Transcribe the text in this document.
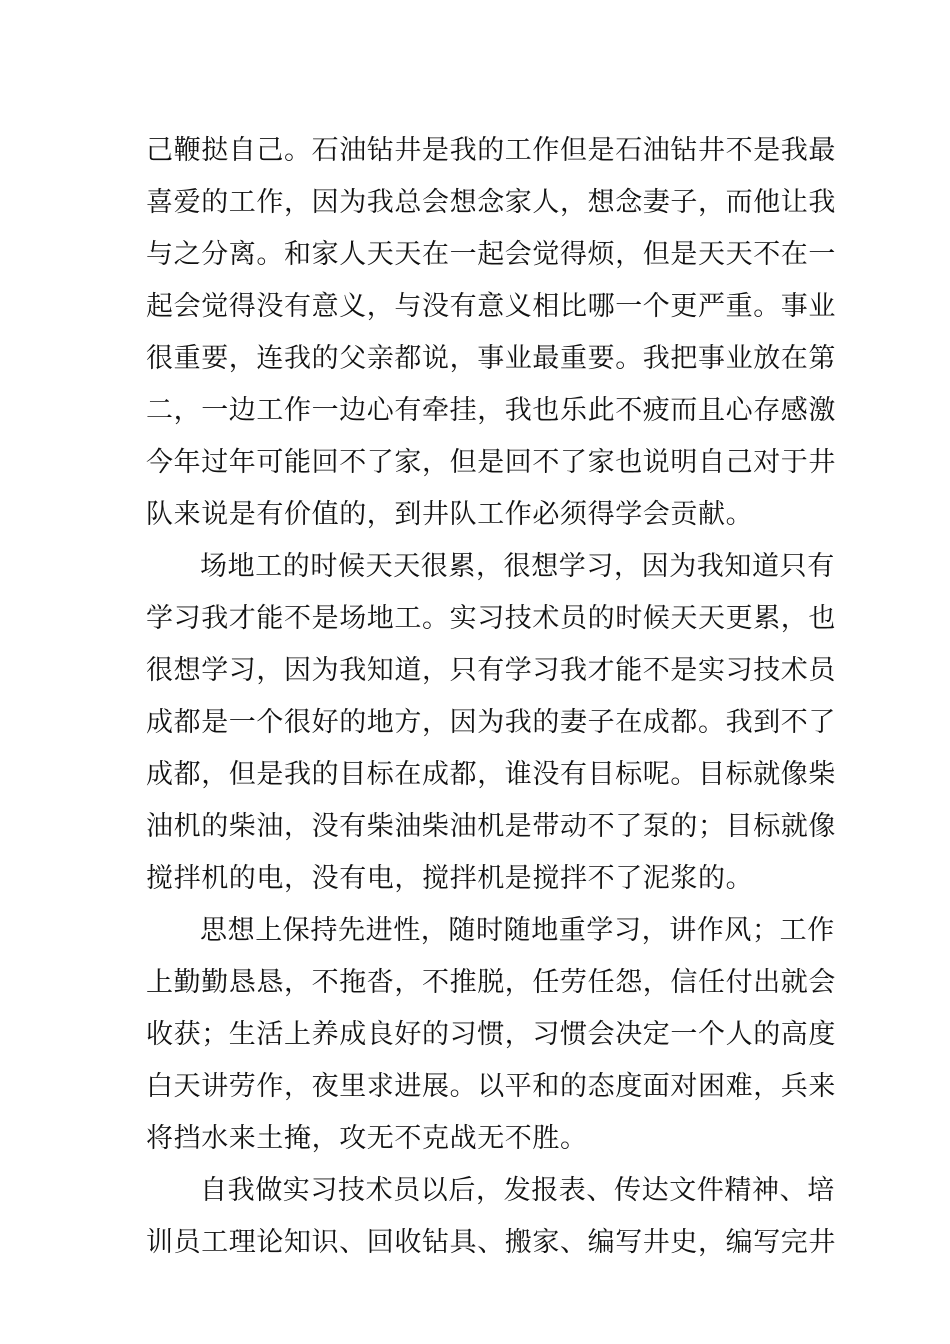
己鞭挞自己。石油钻井是我的工作但是石油钻井不是我最
喜爱的工作，因为我总会想念家人，想念妻子，而他让我
与之分离。和家人天天在一起会觉得烦，但是天天不在一
起会觉得没有意义，与没有意义相比哪一个更严重。事业
很重要，连我的父亲都说，事业最重要。我把事业放在第
二，一边工作一边心有牵挂，我也乐此不疲而且心存感激
今年过年可能回不了家，但是回不了家也说明自己对于井
队来说是有价值的，到井队工作必须得学会贡献。
场地工的时候天天很累，很想学习，因为我知道只有
学习我才能不是场地工。实习技术员的时候天天更累，也
很想学习，因为我知道，只有学习我才能不是实习技术员
成都是一个很好的地方，因为我的妻子在成都。我到不了
成都，但是我的目标在成都，谁没有目标呢。目标就像柴
油机的柴油，没有柴油柴油机是带动不了泵的；目标就像
搅拌机的电，没有电，搅拌机是搅拌不了泥浆的。
思想上保持先进性，随时随地重学习，讲作风；工作
上勤勤恳恳，不拖沓，不推脱，任劳任怨，信任付出就会
收获；生活上养成良好的习惯，习惯会决定一个人的高度
白天讲劳作，夜里求进展。以平和的态度面对困难，兵来
将挡水来土掩，攻无不克战无不胜。
自我做实习技术员以后，发报表、传达文件精神、培
训员工理论知识、回收钻具、搬家、编写井史，编写完井
